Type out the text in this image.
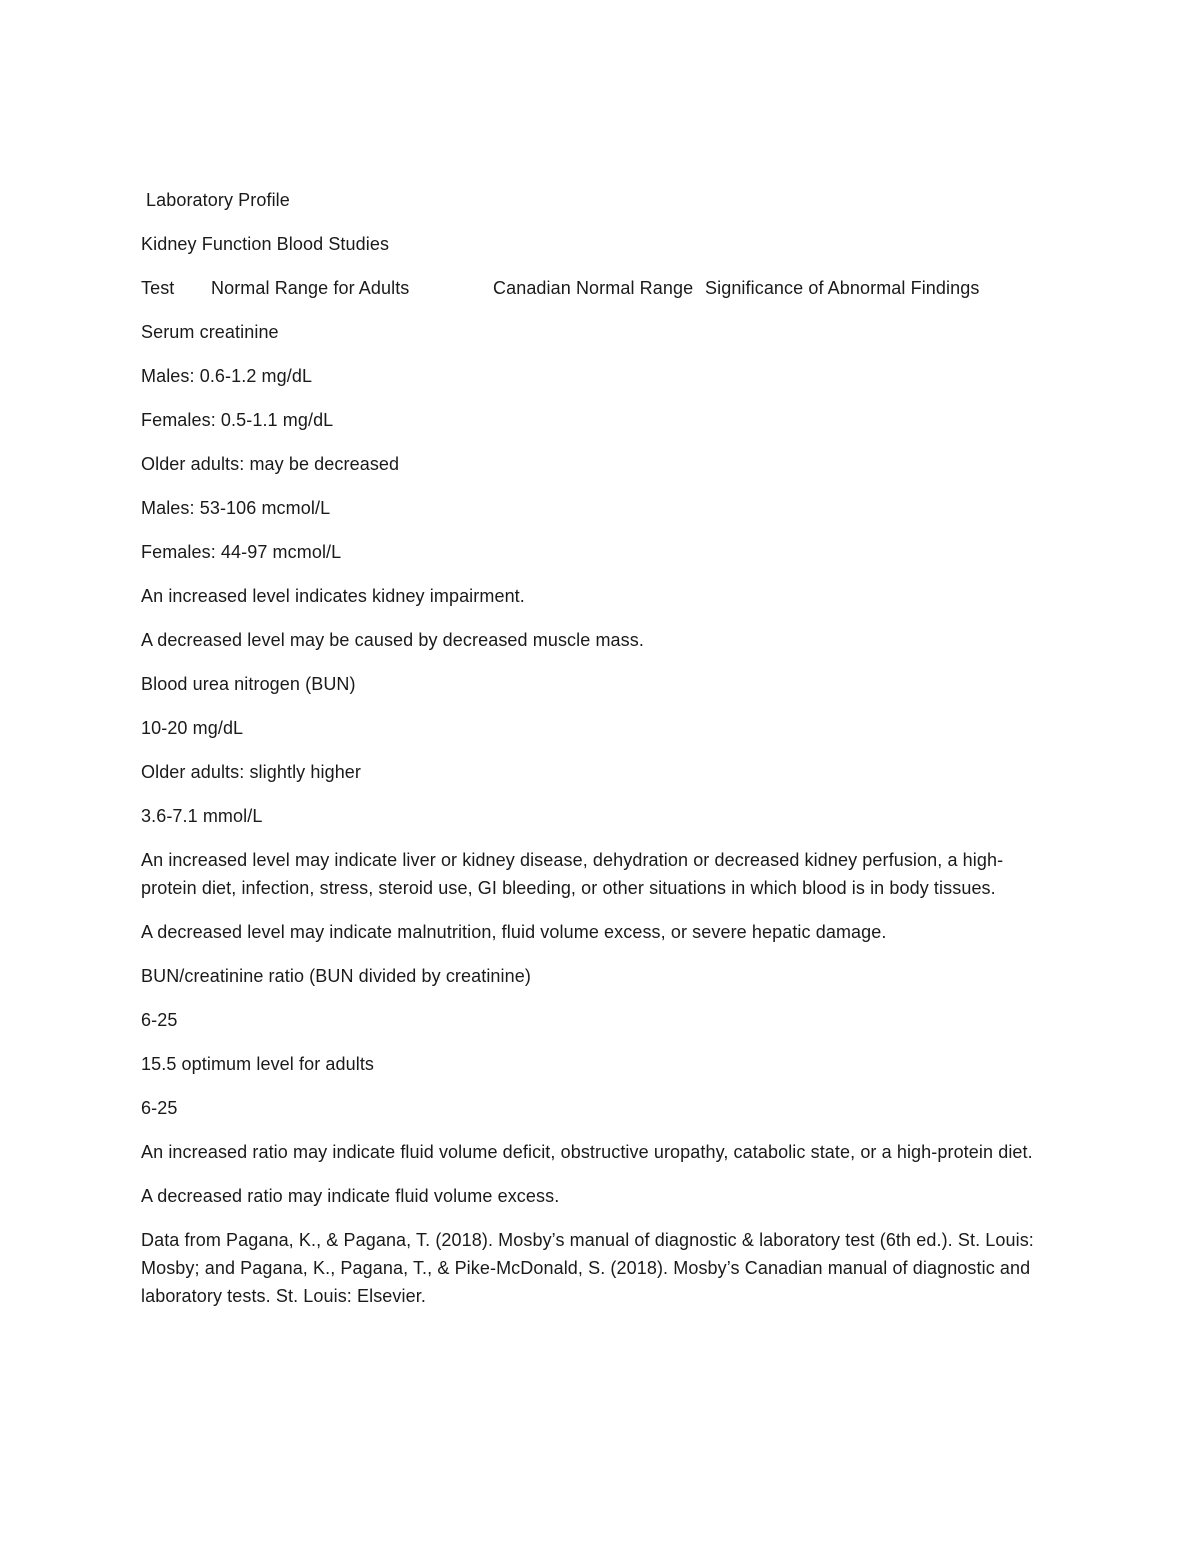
Laboratory Profile
Kidney Function Blood Studies
Test Normal Range for Adults	Canadian Normal Range Significance of Abnormal Findings
Serum creatinine
Males: 0.6-1.2 mg/dL
Females: 0.5-1.1 mg/dL
Older adults: may be decreased
Males: 53-106 mcmol/L
Females: 44-97 mcmol/L
An increased level indicates kidney impairment.
A decreased level may be caused by decreased muscle mass.
Blood urea nitrogen (BUN)
10-20 mg/dL
Older adults: slightly higher
3.6-7.1 mmol/L
An increased level may indicate liver or kidney disease, dehydration or decreased kidney perfusion, a high-protein diet, infection, stress, steroid use, GI bleeding, or other situations in which blood is in body tissues.
A decreased level may indicate malnutrition, fluid volume excess, or severe hepatic damage.
BUN/creatinine ratio (BUN divided by creatinine)
6-25
15.5 optimum level for adults
6-25
An increased ratio may indicate fluid volume deficit, obstructive uropathy, catabolic state, or a high-protein diet.
A decreased ratio may indicate fluid volume excess.
Data from Pagana, K., & Pagana, T. (2018). Mosby’s manual of diagnostic & laboratory test (6th ed.). St. Louis: Mosby; and Pagana, K., Pagana, T., & Pike-McDonald, S. (2018). Mosby’s Canadian manual of diagnostic and laboratory tests. St. Louis: Elsevier.
